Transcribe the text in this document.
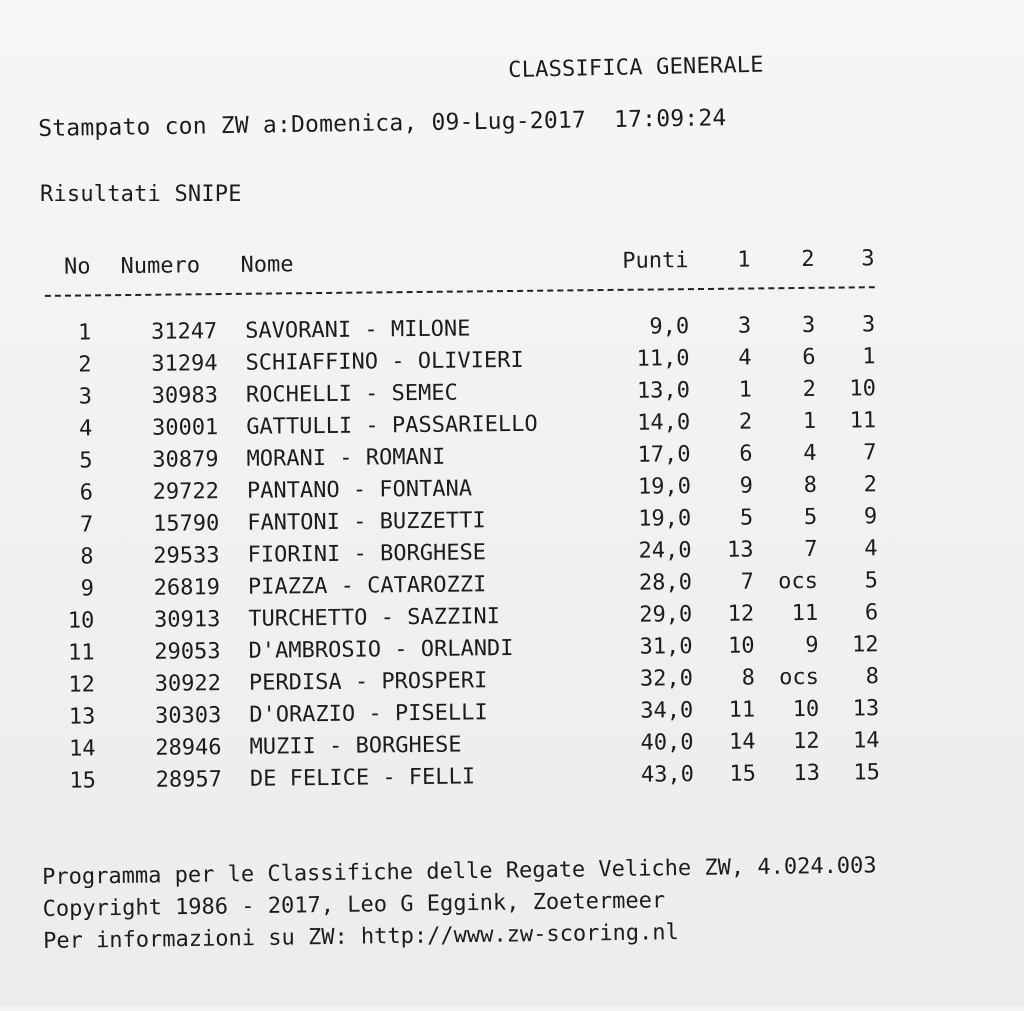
CLASSIFICA GENERALE
Stampato con ZW a:Domenica, 09-Lug-2017  17:09:24
Risultati SNIPE
No Numero Nome	Punti	1	2	3
1	31247 SAVORANI - MILONE	9,0	3	3	3
2	31294 SCHIAFFINO - OLIVIERI	11,0	4	6	1
3	30983 ROCHELLI - SEMEC	13,0	1	2	10
4	30001 GATTULLI - PASSARIELLO	14,0	2	1	11
5	30879 MORANI - ROMANI	17,0	6	4	7
6	29722 PANTANO - FONTANA	19,0	9	8	2
7	15790 FANTONI - BUZZETTI	19,0	5	5	9
8	29533 FIORINI - BORGHESE	24,0	13	7	4
9	26819 PIAZZA - CATAROZZI	28,0	7	ocs	5
10	30913 TURCHETTO - SAZZINI	29,0	12	11	6
11	29053 D'AMBROSIO - ORLANDI	31,0	10	9	12
12	30922 PERDISA - PROSPERI	32,0	8	ocs	8
13	30303 D'ORAZIO - PISELLI	34,0	11	10	13
14	28946 MUZII - BORGHESE	40,0	14	12	14
15	28957 DE FELICE - FELLI	43,0	15	13	15
Programma per le Classifiche delle Regate Veliche ZW, 4.024.003
Copyright 1986 - 2017, Leo G Eggink, Zoetermeer
Per informazioni su ZW: http://www.zw-scoring.nl
